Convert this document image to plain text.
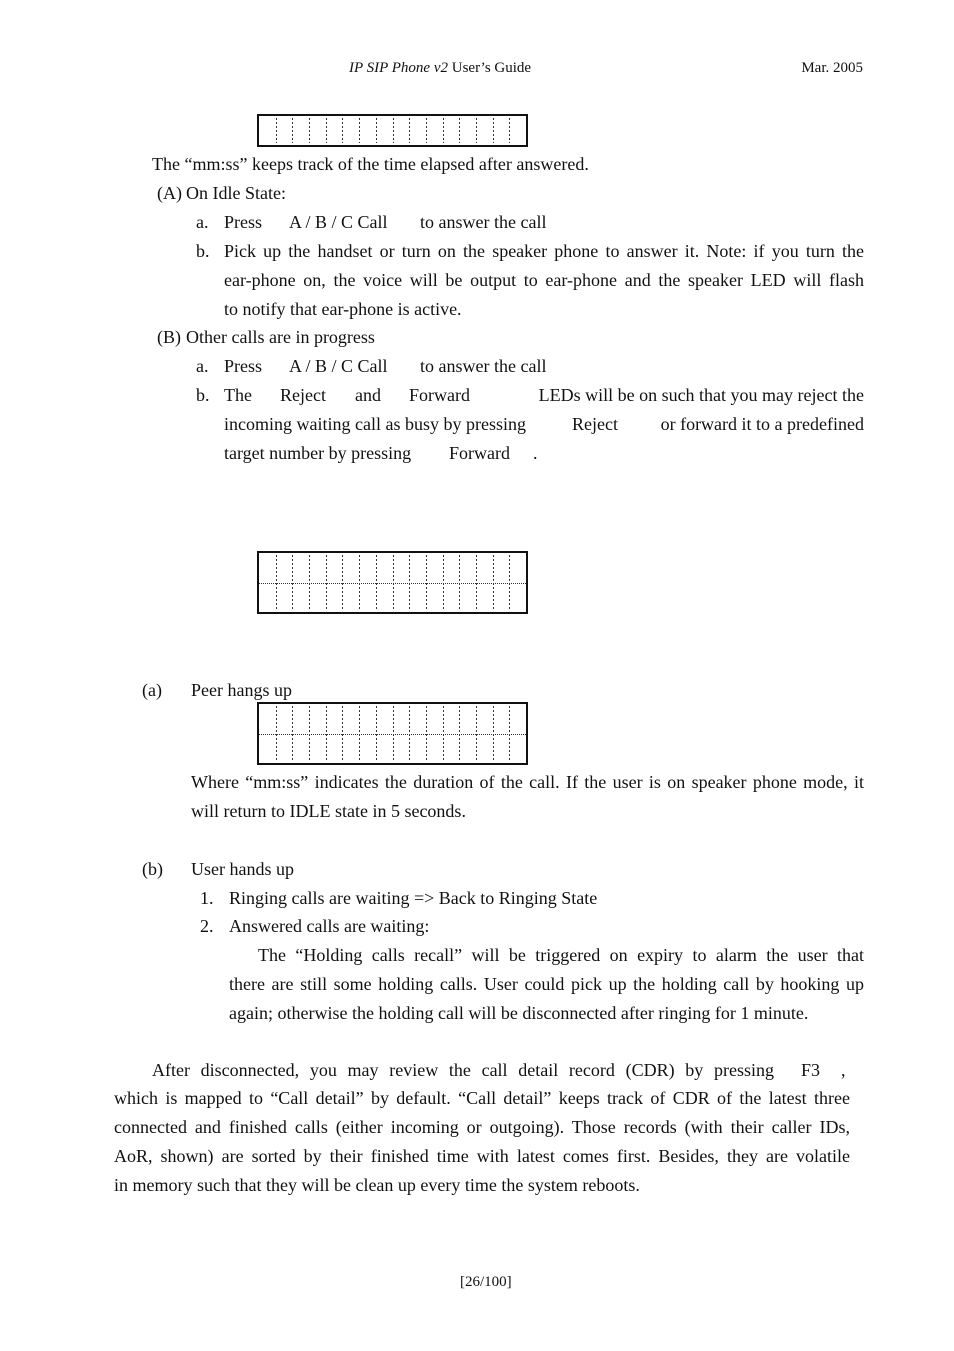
IP SIP Phone v2 User’s Guide	Mar. 2005
The “mm:ss” keeps track of the time elapsed after answered.
(A) On Idle State:
a. Press A / B / C Call to answer the call
b. Pick up the handset or turn on the speaker phone to answer it. Note: if you turn the
ear-phone on, the voice will be output to ear-phone and the speaker LED will flash
to notify that ear-phone is active.
(B) Other calls are in progress
a. Press A / B / C Call to answer the call
b. The Reject and Forward	LEDs will be on such that you may reject the
incoming waiting call as busy by pressing	Reject or forward it to a predefined
target number by pressing Forward .
(a) Peer hangs up
Where “mm:ss” indicates the duration of the call. If the user is on speaker phone mode, it
will return to IDLE state in 5 seconds.
(b) User hands up
1. Ringing calls are waiting => Back to Ringing State
2. Answered calls are waiting:
The “Holding calls recall” will be triggered on expiry to alarm the user that
there are still some holding calls. User could pick up the holding call by hooking up
again; otherwise the holding call will be disconnected after ringing for 1 minute.
After disconnected, you may review the call detail record (CDR) by pressing F3 ,
which is mapped to “Call detail” by default. “Call detail” keeps track of CDR of the latest three
connected and finished calls (either incoming or outgoing). Those records (with their caller IDs,
AoR, shown) are sorted by their finished time with latest comes first. Besides, they are volatile
in memory such that they will be clean up every time the system reboots.
[26/100]
